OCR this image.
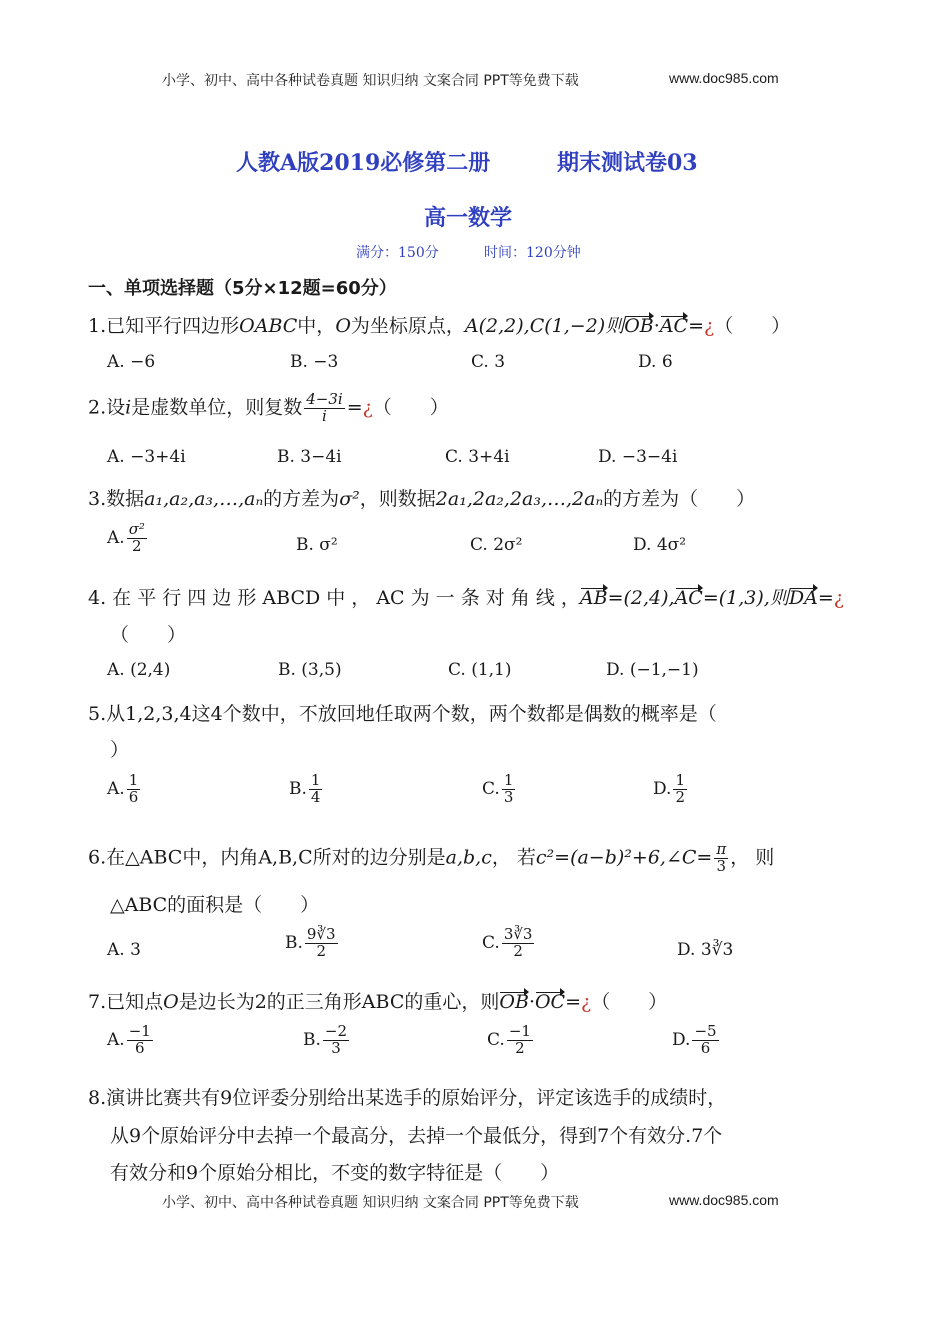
小学、初中、高中各种试卷真题 知识归纳 文案合同 PPT等免费下载	www.doc985.com
人教A版2019必修第二册	期末测试卷03
高一数学
满分：150分	时间：120分钟
一、单项选择题（5分×12题=60分）
1.已知平行四边形OABC中，O为坐标原点，A(2,2),C(1,−2)则OB·AC=¿（　　）
A. −6	B. −3	C. 3	D. 6
2.设i是虚数单位，则复数 $\frac{4-3i}{i}$ =¿（　　）
A. −3+4i	B. 3−4i	C. 3+4i	D. −3−4i
3.数据a₁,a₂,a₃,…,aₙ的方差为σ²，则数据2a₁,2a₂,2a₃,…,2aₙ的方差为（　　）
A. $\frac{\text{σ²}}{2}$	B. σ²	C. 2σ²	D. 4σ²
4. 在 平 行 四 边 形 ABCD 中 ， AC 为 一 条 对 角 线 ，AB=(2,4),AC=(1,3),则DA=¿
（　　）
A. (2,4)	B. (3,5)	C. (1,1)	D. (−1,−1)
5.从1,2,3,4这4个数中，不放回地任取两个数，两个数都是偶数的概率是（
）
A. $\frac{1}{6}$	B. $\frac{1}{4}$	C. $\frac{1}{3}$	D. $\frac{1}{2}$
6.在△ABC中，内角A,B,C所对的边分别是a,b,c， 若c²=(a−b)²+6,∠C= $\frac{\pi}{3}$ ， 则
△ABC的面积是（　　）
A. 3	B. $\frac{9∛3}{2}$	C. $\frac{3∛3}{2}$	D. 3∛3
7.已知点O是边长为2的正三角形ABC的重心，则OB·OC=¿（　　）
A. $\frac{-1}{6}$	B. $\frac{-2}{3}$	C. $\frac{-1}{2}$	D. $\frac{-5}{6}$
8.演讲比赛共有9位评委分别给出某选手的原始评分，评定该选手的成绩时，
从9个原始评分中去掉一个最高分，去掉一个最低分，得到7个有效分.7个
有效分和9个原始分相比，不变的数字特征是（　　）
小学、初中、高中各种试卷真题 知识归纳 文案合同 PPT等免费下载	www.doc985.com
